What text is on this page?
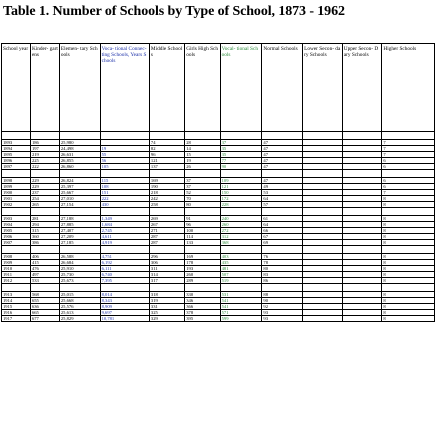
Table 1. Number of Schools by Type of School, 1873 - 1962
School year	Kinder- gartens	Elemen- tary Schools	Voca- tional Connec- ting Schools, Years Schools	Middle Schools	Girls High Schools	Vocal- tional Schools	Normal Schools	Lower Secon- dary Schools	Upper Secon- Dary Schools	Higher Schools

1893	186	25,980		74	28	37	47			7
1894	197	24,498	19	82	14	35	47			7
1895	219	26,631	55	96	15	35	47			7
1896	225	26,855	56	121	19	77	47			6
1897	222	26,860	105	137	26	90	47			6

1898	229	26,824	115	169	37	109	47			6
1899	229	25,397	108	190	37	121	49			6
1900	237	25,667	151	218	52	150	53			7
1901	254	27,010	222	242	70	172	64			8
1902	265	27,154	430	258	80	228	57			8

1903	281	27,188	1,349	269	91	240	61			8
1904	294	27,885	1,684	267	96	260	64			8
1905	315	27,407	2,745	271	100	272	66			8
1906	360	27,209	4,611	287	114	312	67			8
1907	386	27,185	4,919	287	133	368	69			8

1908	406	26,588	4,751	296	169	403	76			8
1909	415	26,684	6,192	306	178	435	78			8
1910	476	25,910	6,111	311	193	481	80			8
1911	497	25,730	6,740	314	260	507	83			8
1912	533	25,673	7,395	317	289	519	86			8

1913	568	25,015	8,014	318	330	531	88			8
1914	655	25,668	8,343	319	346	541	90			8
1915	636	25,576	8,909	331	366	541	92			8
1916	665	25,613	9,697	325	378	571	93			8
1917	677	25,829	10,781	329	395	599	93			8
